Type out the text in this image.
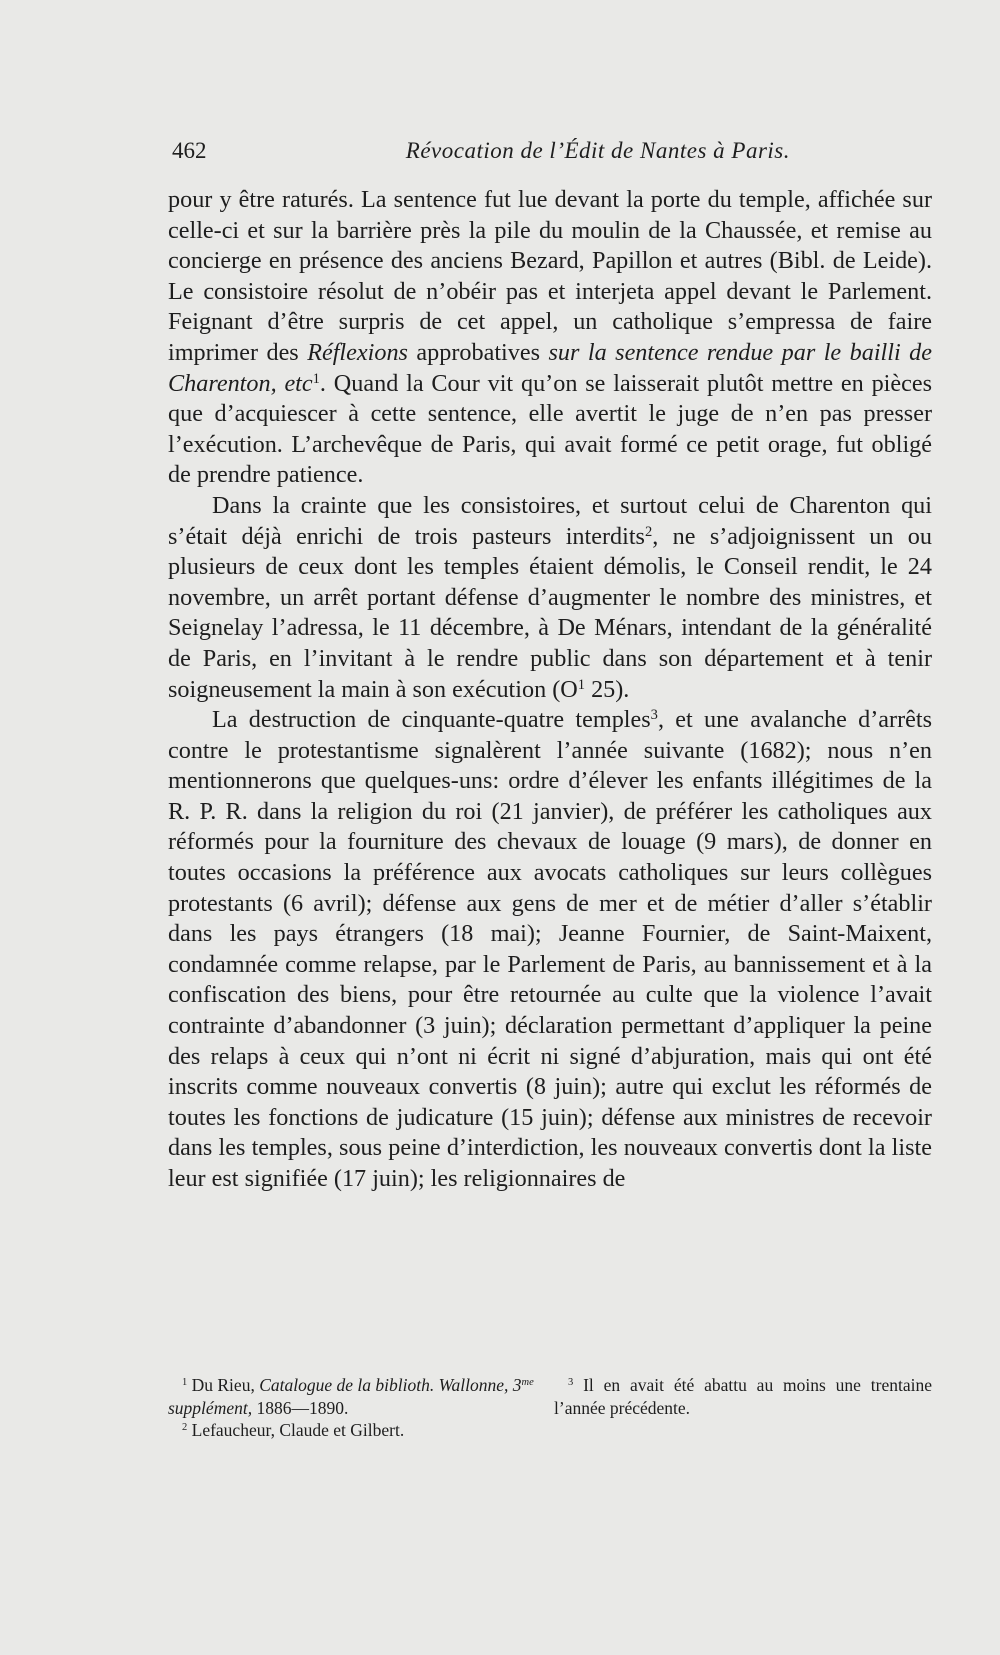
462	Révocation de l’Édit de Nantes à Paris.

pour y être raturés. La sentence fut lue devant la porte du temple, affichée sur celle-ci et sur la barrière près la pile du moulin de la Chaussée, et remise au concierge en présence des anciens Bezard, Papillon et autres (Bibl. de Leide). Le consistoire résolut de n’obéir pas et interjeta appel devant le Parlement. Feignant d’être surpris de cet appel, un catholique s’empressa de faire imprimer des Réflexions approbatives sur la sentence rendue par le bailli de Charenton, etc$^1$. Quand la Cour vit qu’on se laisserait plutôt mettre en pièces que d’acquiescer à cette sentence, elle avertit le juge de n’en pas presser l’exécution. L’archevêque de Paris, qui avait formé ce petit orage, fut obligé de prendre patience.

Dans la crainte que les consistoires, et surtout celui de Charenton qui s’était déjà enrichi de trois pasteurs interdits$^2$, ne s’adjoignissent un ou plusieurs de ceux dont les temples étaient démolis, le Conseil rendit, le 24 novembre, un arrêt portant défense d’augmenter le nombre des ministres, et Seignelay l’adressa, le 11 décembre, à De Ménars, intendant de la généralité de Paris, en l’invitant à le rendre public dans son département et à tenir soigneusement la main à son exécution ($O^1$ 25).

La destruction de cinquante-quatre temples$^3$, et une avalanche d’arrêts contre le protestantisme signalèrent l’année suivante (1682); nous n’en mentionnerons que quelques-uns: ordre d’élever les enfants illégitimes de la R. P. R. dans la religion du roi (21 janvier), de préférer les catholiques aux réformés pour la fourniture des chevaux de louage (9 mars), de donner en toutes occasions la préférence aux avocats catholiques sur leurs collègues protestants (6 avril); défense aux gens de mer et de métier d’aller s’établir dans les pays étrangers (18 mai); Jeanne Fournier, de Saint-Maixent, condamnée comme relapse, par le Parlement de Paris, au bannissement et à la confiscation des biens, pour être retournée au culte que la violence l’avait contrainte d’abandonner (3 juin); déclaration permettant d’appliquer la peine des relaps à ceux qui n’ont ni écrit ni signé d’abjuration, mais qui ont été inscrits comme nouveaux convertis (8 juin); autre qui exclut les réformés de toutes les fonctions de judicature (15 juin); défense aux ministres de recevoir dans les temples, sous peine d’interdiction, les nouveaux convertis dont la liste leur est signifiée (17 juin); les religionnaires de

$^1$ Du Rieu, Catalogue de la biblioth. Wallonne, $3^{me}$ supplément, 1886—1890.

$^2$ Lefaucheur, Claude et Gilbert.

$^3$ Il en avait été abattu au moins une trentaine l’année précédente.
